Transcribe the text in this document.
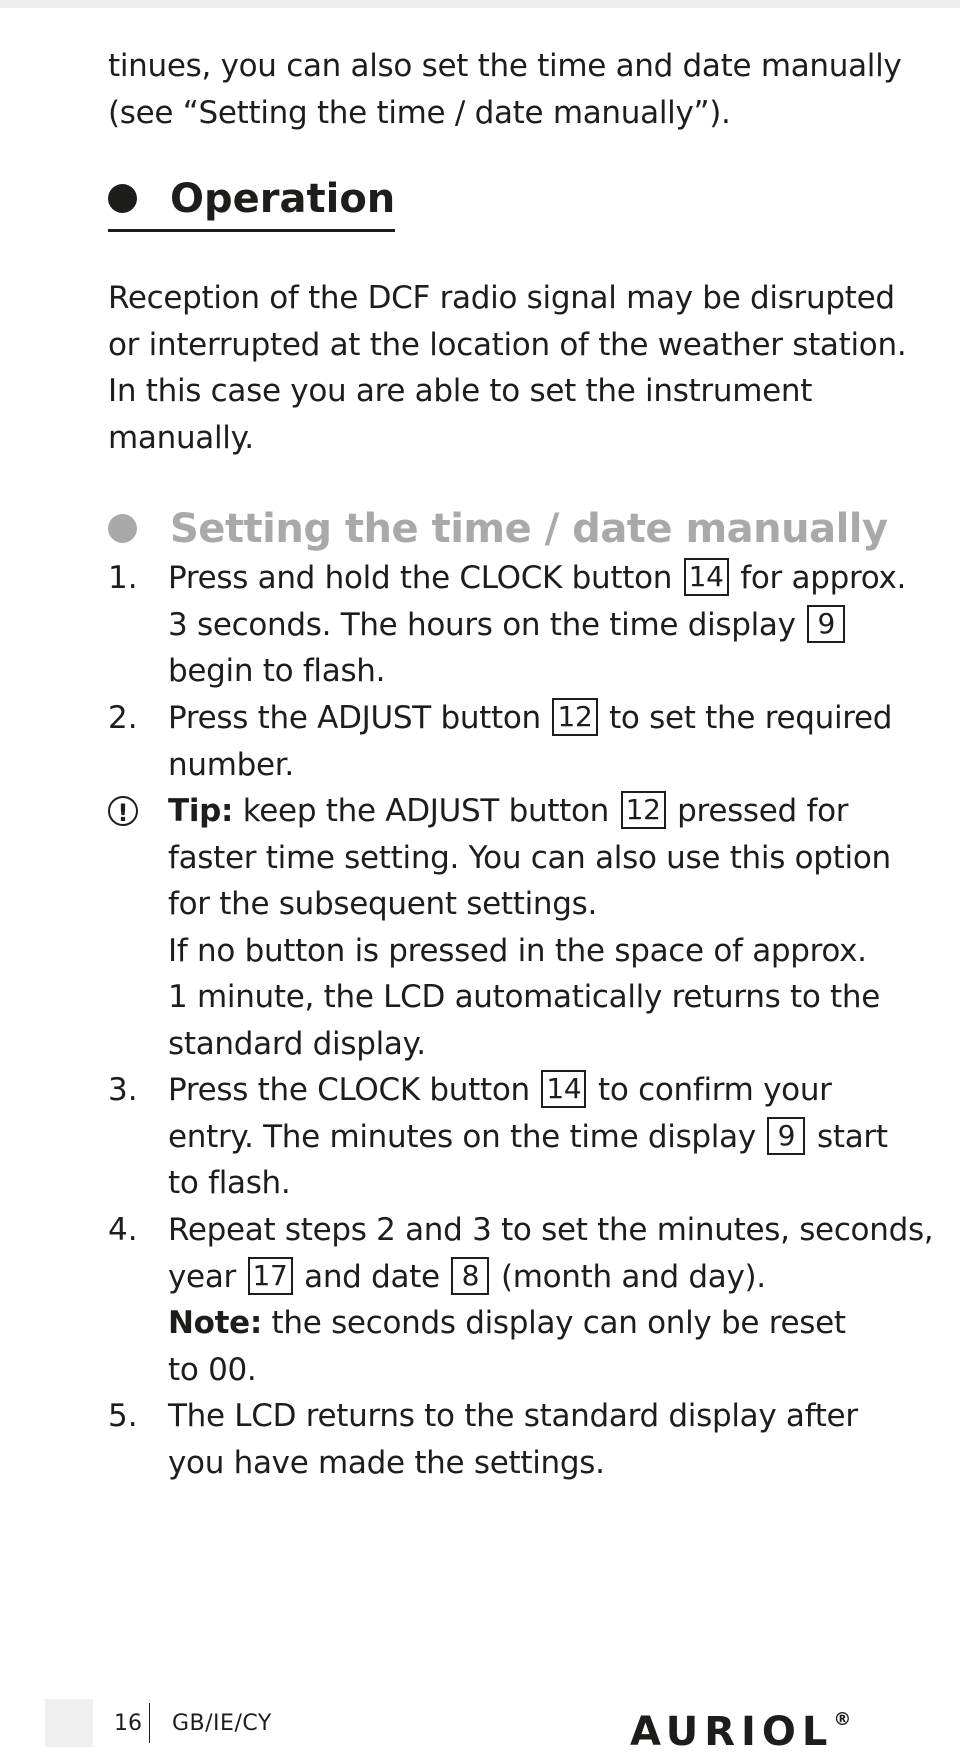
tinues, you can also set the time and date manually
(see “Setting the time / date manually”).
Operation
Reception of the DCF radio signal may be disrupted
or interrupted at the location of the weather station.
In this case you are able to set the instrument
manually.
Setting the time / date manually
1. Press and hold the CLOCK button 14 for approx.
3 seconds. The hours on the time display 9
begin to flash.
2. Press the ADJUST button 12 to set the required
number.
!	Tip: keep the ADJUST button 12 pressed for
faster time setting. You can also use this option
for the subsequent settings.
If no button is pressed in the space of approx.
1 minute, the LCD automatically returns to the
standard display.
3. Press the CLOCK button 14 to confirm your
entry. The minutes on the time display 9 start
to flash.
4. Repeat steps 2 and 3 to set the minutes, seconds,
year 17 and date 8 (month and day).
Note: the seconds display can only be reset
to 00.
5. The LCD returns to the standard display after
you have made the settings.
16 GB/IE/CY	AURIOL®
